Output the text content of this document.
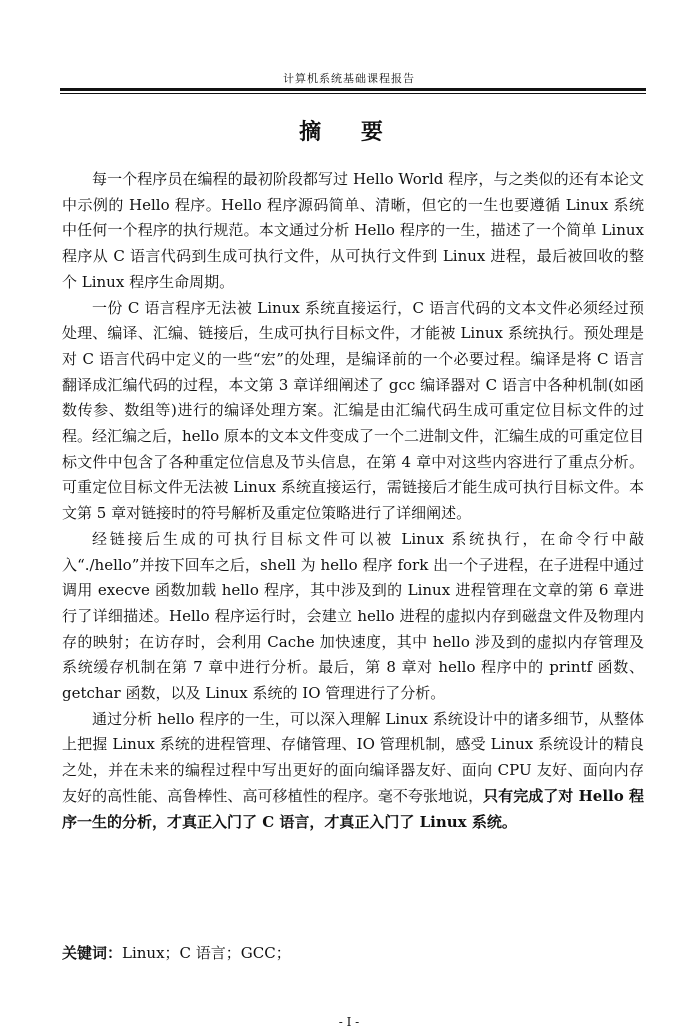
计算机系统基础课程报告
摘 要

每一个程序员在编程的最初阶段都写过 Hello World 程序，与之类似的还有本论文中示例的 Hello 程序。Hello 程序源码简单、清晰，但它的一生也要遵循 Linux 系统中任何一个程序的执行规范。本文通过分析 Hello 程序的一生，描述了一个简单 Linux 程序从 C 语言代码到生成可执行文件，从可执行文件到 Linux 进程，最后被回收的整个 Linux 程序生命周期。

一份 C 语言程序无法被 Linux 系统直接运行，C 语言代码的文本文件必须经过预处理、编译、汇编、链接后，生成可执行目标文件，才能被 Linux 系统执行。预处理是对 C 语言代码中定义的一些“宏”的处理，是编译前的一个必要过程。编译是将 C 语言翻译成汇编代码的过程，本文第 3 章详细阐述了 gcc 编译器对 C 语言中各种机制(如函数传参、数组等)进行的编译处理方案。汇编是由汇编代码生成可重定位目标文件的过程。经汇编之后，hello 原本的文本文件变成了一个二进制文件，汇编生成的可重定位目标文件中包含了各种重定位信息及节头信息，在第 4 章中对这些内容进行了重点分析。可重定位目标文件无法被 Linux 系统直接运行，需链接后才能生成可执行目标文件。本文第 5 章对链接时的符号解析及重定位策略进行了详细阐述。

经链接后生成的可执行目标文件可以被 Linux 系统执行，在命令行中敲入“./hello”并按下回车之后，shell 为 hello 程序 fork 出一个子进程，在子进程中通过调用 execve 函数加载 hello 程序，其中涉及到的 Linux 进程管理在文章的第 6 章进行了详细描述。Hello 程序运行时，会建立 hello 进程的虚拟内存到磁盘文件及物理内存的映射；在访存时，会利用 Cache 加快速度，其中 hello 涉及到的虚拟内存管理及系统缓存机制在第 7 章中进行分析。最后，第 8 章对 hello 程序中的 printf 函数、getchar 函数，以及 Linux 系统的 IO 管理进行了分析。

通过分析 hello 程序的一生，可以深入理解 Linux 系统设计中的诸多细节，从整体上把握 Linux 系统的进程管理、存储管理、IO 管理机制，感受 Linux 系统设计的精良之处，并在未来的编程过程中写出更好的面向编译器友好、面向 CPU 友好、面向内存友好的高性能、高鲁棒性、高可移植性的程序。毫不夸张地说，只有完成了对 Hello 程序一生的分析，才真正入门了 C 语言，才真正入门了 Linux 系统。

关键词：Linux；C 语言；GCC；
- I -
